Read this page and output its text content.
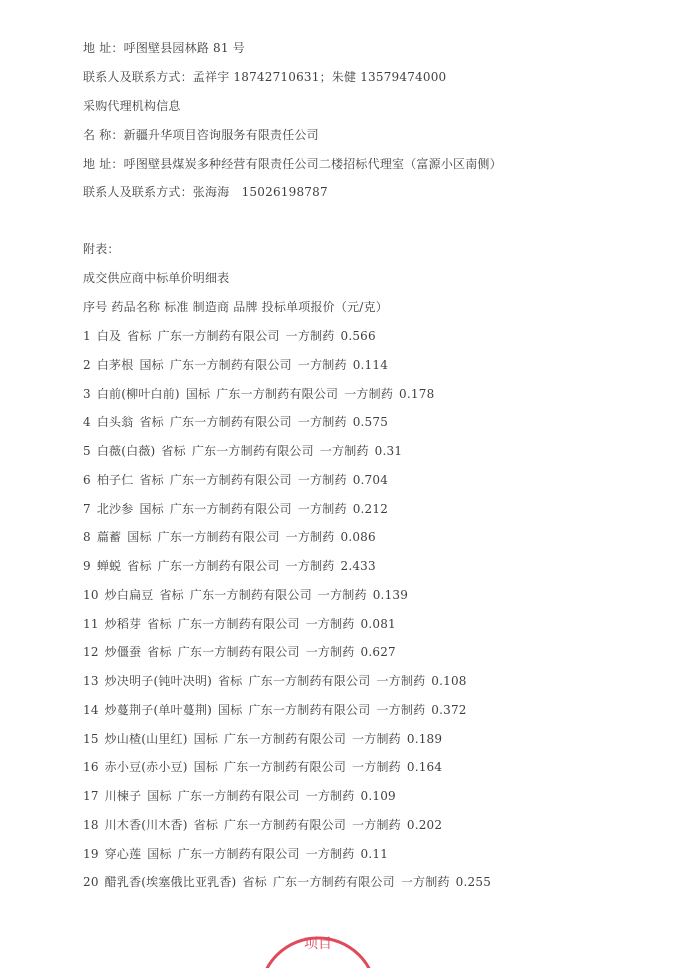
地 址：呼图壁县园林路 81 号
联系人及联系方式：孟祥宇 18742710631；朱健 13579474000
采购代理机构信息
名 称：新疆升华项目咨询服务有限责任公司
地 址：呼图壁县煤炭多种经营有限责任公司二楼招标代理室（富源小区南侧）
联系人及联系方式：张海海　15026198787
附表：
成交供应商中标单价明细表
序号 药品名称 标准 制造商 品牌 投标单项报价（元/克）
1 白及 省标 广东一方制药有限公司 一方制药 0.566
2 白茅根 国标 广东一方制药有限公司 一方制药 0.114
3 白前(柳叶白前) 国标 广东一方制药有限公司 一方制药 0.178
4 白头翁 省标 广东一方制药有限公司 一方制药 0.575
5 白薇(白薇) 省标 广东一方制药有限公司 一方制药 0.31
6 柏子仁 省标 广东一方制药有限公司 一方制药 0.704
7 北沙参 国标 广东一方制药有限公司 一方制药 0.212
8 萹蓄 国标 广东一方制药有限公司 一方制药 0.086
9 蝉蜕 省标 广东一方制药有限公司 一方制药 2.433
10 炒白扁豆 省标 广东一方制药有限公司 一方制药 0.139
11 炒稻芽 省标 广东一方制药有限公司 一方制药 0.081
12 炒僵蚕 省标 广东一方制药有限公司 一方制药 0.627
13 炒决明子(钝叶决明) 省标 广东一方制药有限公司 一方制药 0.108
14 炒蔓荆子(单叶蔓荆) 国标 广东一方制药有限公司 一方制药 0.372
15 炒山楂(山里红) 国标 广东一方制药有限公司 一方制药 0.189
16 赤小豆(赤小豆) 国标 广东一方制药有限公司 一方制药 0.164
17 川楝子 国标 广东一方制药有限公司 一方制药 0.109
18 川木香(川木香) 省标 广东一方制药有限公司 一方制药 0.202
19 穿心莲 国标 广东一方制药有限公司 一方制药 0.11
20 醋乳香(埃塞俄比亚乳香) 省标 广东一方制药有限公司 一方制药 0.255
项目
